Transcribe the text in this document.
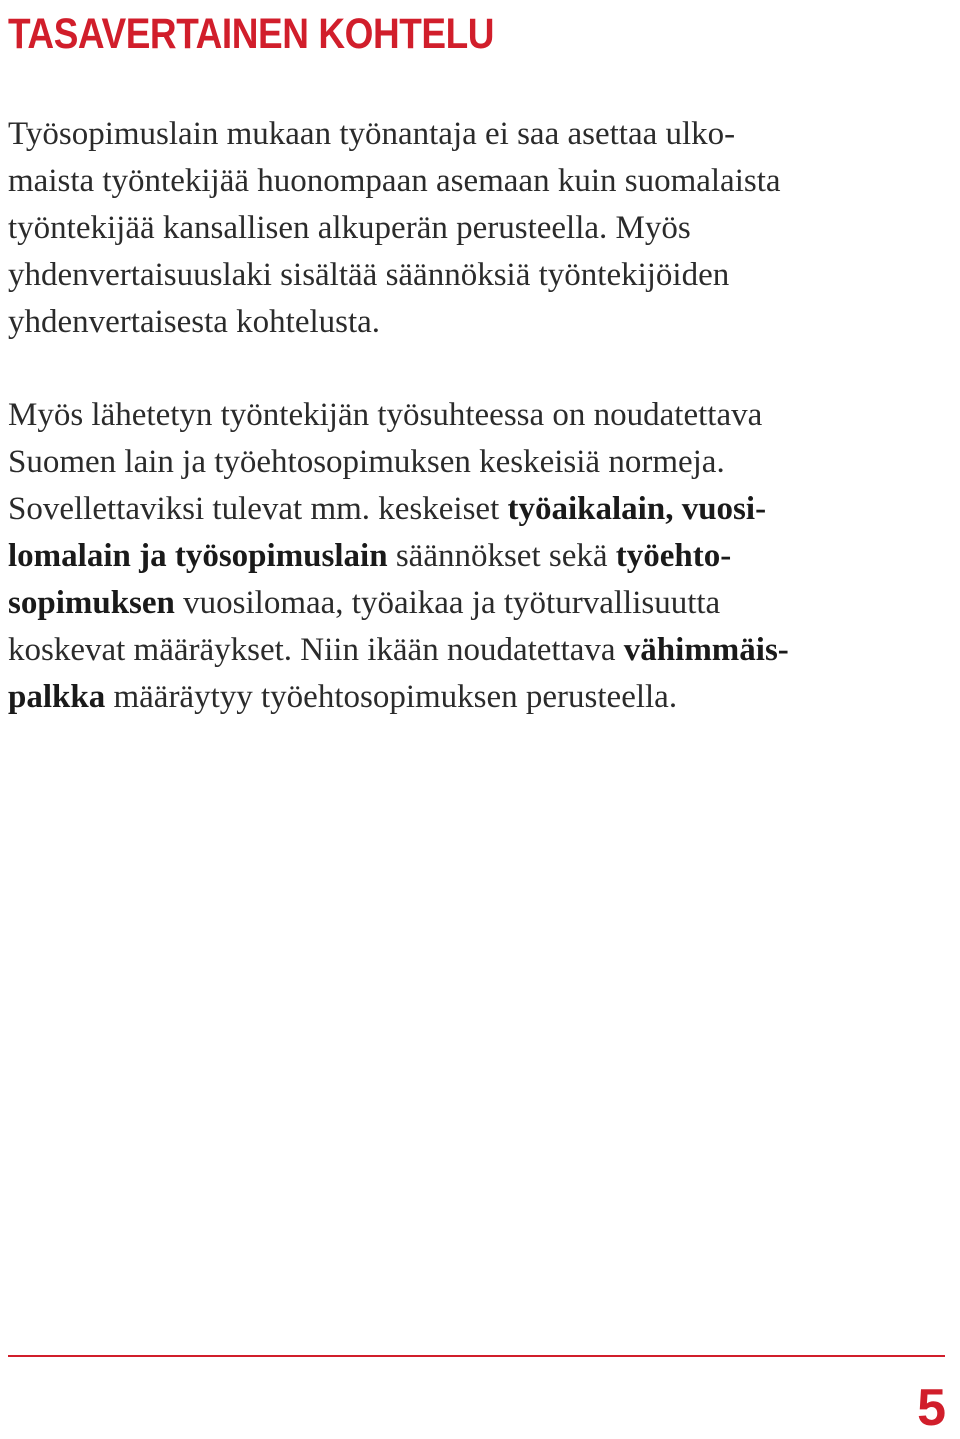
TASAVERTAINEN KOHTELU
Työsopimuslain mukaan työnantaja ei saa asettaa ulko-
maista työntekijää huonompaan asemaan kuin suomalaista
työntekijää kansallisen alkuperän perusteella. Myös
yhdenvertaisuuslaki sisältää säännöksiä työntekijöiden
yhdenvertaisesta kohtelusta.
Myös lähetetyn työntekijän työsuhteessa on noudatettava
Suomen lain ja työehtosopimuksen keskeisiä normeja.
Sovellettaviksi tulevat mm. keskeiset työaikalain, vuosi-
lomalain ja työsopimuslain säännökset sekä työehto-
sopimuksen vuosilomaa, työaikaa ja työturvallisuutta
koskevat määräykset. Niin ikään noudatettava vähimmäis-
palkka määräytyy työehtosopimuksen perusteella.
5
